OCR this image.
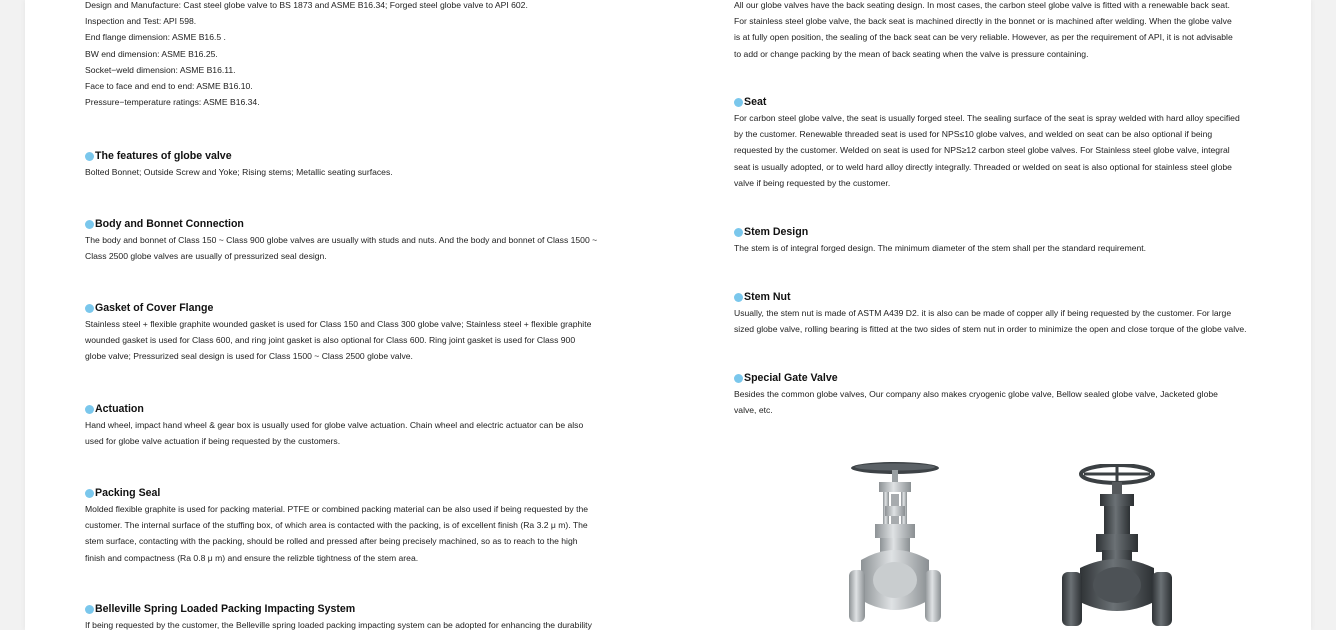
Design and Manufacture: Cast steel globe valve to BS 1873 and ASME B16.34; Forged steel globe valve to API 602.
Inspection and Test: API 598.
End flange dimension: ASME B16.5 .
BW end dimension: ASME B16.25.
Socket−weld dimension: ASME B16.11.
Face to face and end to end: ASME B16.10.
Pressure−temperature ratings: ASME B16.34.
The features of globe valve
Bolted Bonnet; Outside Screw and Yoke; Rising stems; Metallic seating surfaces.
Body and Bonnet Connection
The body and bonnet of Class 150 ~ Class 900 globe valves are usually with studs and nuts. And the body and bonnet of Class 1500 ~
Class 2500 globe valves are usually of pressurized seal design.
Gasket of Cover Flange
Stainless steel + flexible graphite wounded gasket is used for Class 150 and Class 300 globe valve; Stainless steel + flexible graphite
wounded gasket is used for Class 600, and ring joint gasket is also optional for Class 600. Ring joint gasket is used for Class 900
globe valve; Pressurized seal design is used for Class 1500 ~ Class 2500 globe valve.
Actuation
Hand wheel, impact hand wheel & gear box is usually used for globe valve actuation. Chain wheel and electric actuator can be also
used for globe valve actuation if being requested by the customers.
Packing Seal
Molded flexible graphite is used for packing material. PTFE or combined packing material can be also used if being requested by the
customer. The internal surface of the stuffing box, of which area is contacted with the packing, is of excellent finish (Ra 3.2 μ m). The
stem surface, contacting with the packing, should be rolled and pressed after being precisely machined, so as to reach to the high
finish and compactness (Ra 0.8 μ m) and ensure the relizble tightness of the stem area.
Belleville Spring Loaded Packing Impacting System
If being requested by the customer, the Belleville spring loaded packing impacting system can be adopted for enhancing the durability
All our globe valves have the back seating design. In most cases, the carbon steel globe valve is fitted with a renewable back seat.
For stainless steel globe valve, the back seat is machined directly in the bonnet or is machined after welding. When the globe valve
is at fully open position, the sealing of the back seat can be very reliable. However, as per the requirement of API, it is not advisable
to add or change packing by the mean of back seating when the valve is pressure containing.
Seat
For carbon steel globe valve, the seat is usually forged steel. The sealing surface of the seat is spray welded with hard alloy specified
by the customer. Renewable threaded seat is used for NPS≤10 globe valves, and welded on seat can be also optional if being
requested by the customer. Welded on seat is used for NPS≥12 carbon steel globe valves. For Stainless steel globe valve, integral
seat is usually adopted, or to weld hard alloy directly integrally. Threaded or welded on seat is also optional for stainless steel globe
valve if being requested by the customer.
Stem Design
The stem is of integral forged design. The minimum diameter of the stem shall per the standard requirement.
Stem Nut
Usually, the stem nut is made of ASTM A439 D2. it is also can be made of copper ally if being requested by the customer. For large
sized globe valve, rolling bearing is fitted at the two sides of stem nut in order to minimize the open and close torque of the globe valve.
Special Gate Valve
Besides the common globe valves, Our company also makes cryogenic globe valve, Bellow sealed globe valve, Jacketed globe
valve, etc.
